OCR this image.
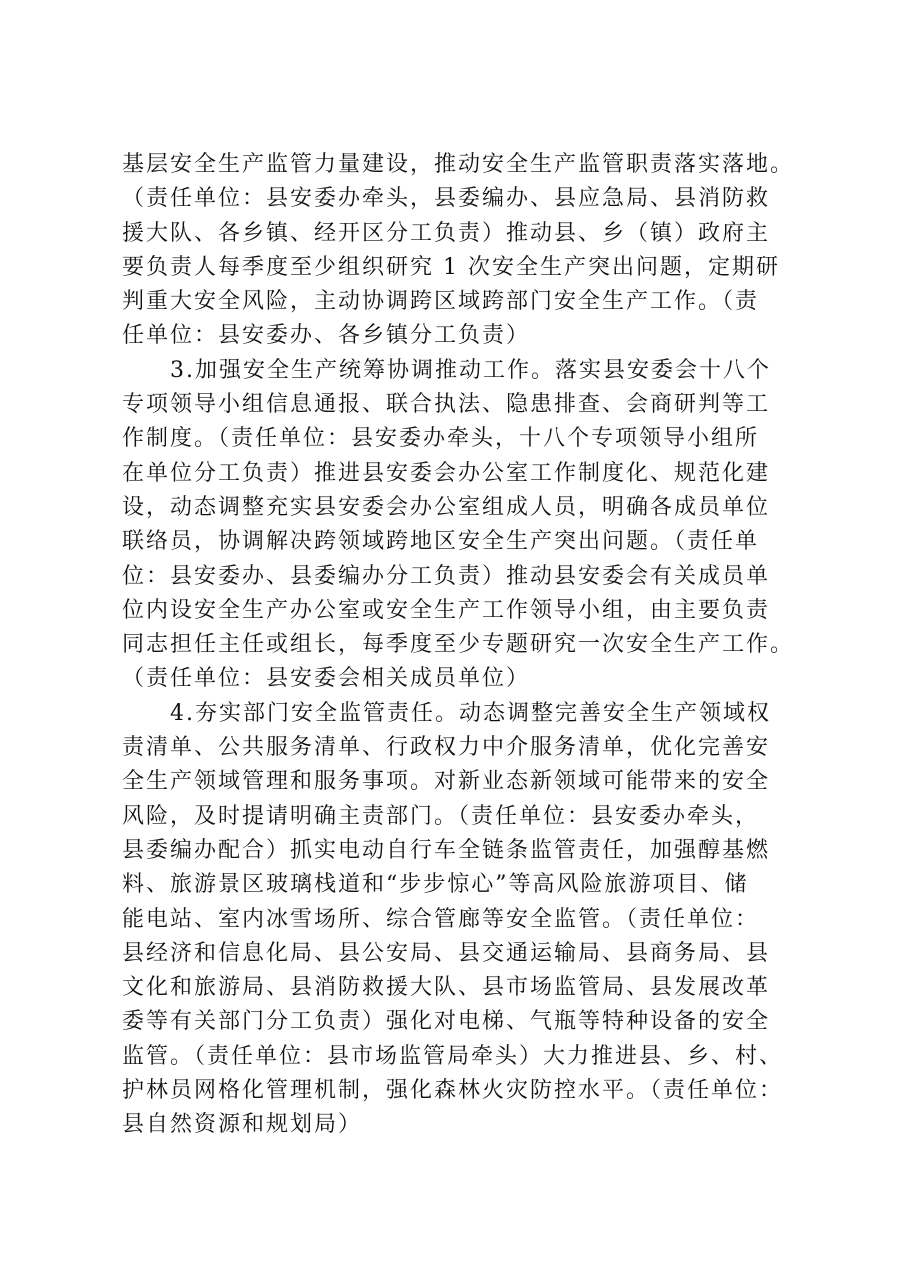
基层安全生产监管力量建设，推动安全生产监管职责落实落地。
（责任单位：县安委办牵头，县委编办、县应急局、县消防救
援大队、各乡镇、经开区分工负责）推动县、乡（镇）政府主
要负责人每季度至少组织研究 1 次安全生产突出问题，定期研
判重大安全风险，主动协调跨区域跨部门安全生产工作。（责
任单位：县安委办、各乡镇分工负责）
3.加强安全生产统筹协调推动工作。落实县安委会十八个
专项领导小组信息通报、联合执法、隐患排查、会商研判等工
作制度。（责任单位：县安委办牵头，十八个专项领导小组所
在单位分工负责）推进县安委会办公室工作制度化、规范化建
设，动态调整充实县安委会办公室组成人员，明确各成员单位
联络员，协调解决跨领域跨地区安全生产突出问题。（责任单
位：县安委办、县委编办分工负责）推动县安委会有关成员单
位内设安全生产办公室或安全生产工作领导小组，由主要负责
同志担任主任或组长，每季度至少专题研究一次安全生产工作。
（责任单位：县安委会相关成员单位）
4.夯实部门安全监管责任。动态调整完善安全生产领域权
责清单、公共服务清单、行政权力中介服务清单，优化完善安
全生产领域管理和服务事项。对新业态新领域可能带来的安全
风险，及时提请明确主责部门。（责任单位：县安委办牵头，
县委编办配合）抓实电动自行车全链条监管责任，加强醇基燃
料、旅游景区玻璃栈道和“步步惊心”等高风险旅游项目、储
能电站、室内冰雪场所、综合管廊等安全监管。（责任单位：
县经济和信息化局、县公安局、县交通运输局、县商务局、县
文化和旅游局、县消防救援大队、县市场监管局、县发展改革
委等有关部门分工负责）强化对电梯、气瓶等特种设备的安全
监管。（责任单位：县市场监管局牵头）大力推进县、乡、村、
护林员网格化管理机制，强化森林火灾防控水平。（责任单位：
县自然资源和规划局）
